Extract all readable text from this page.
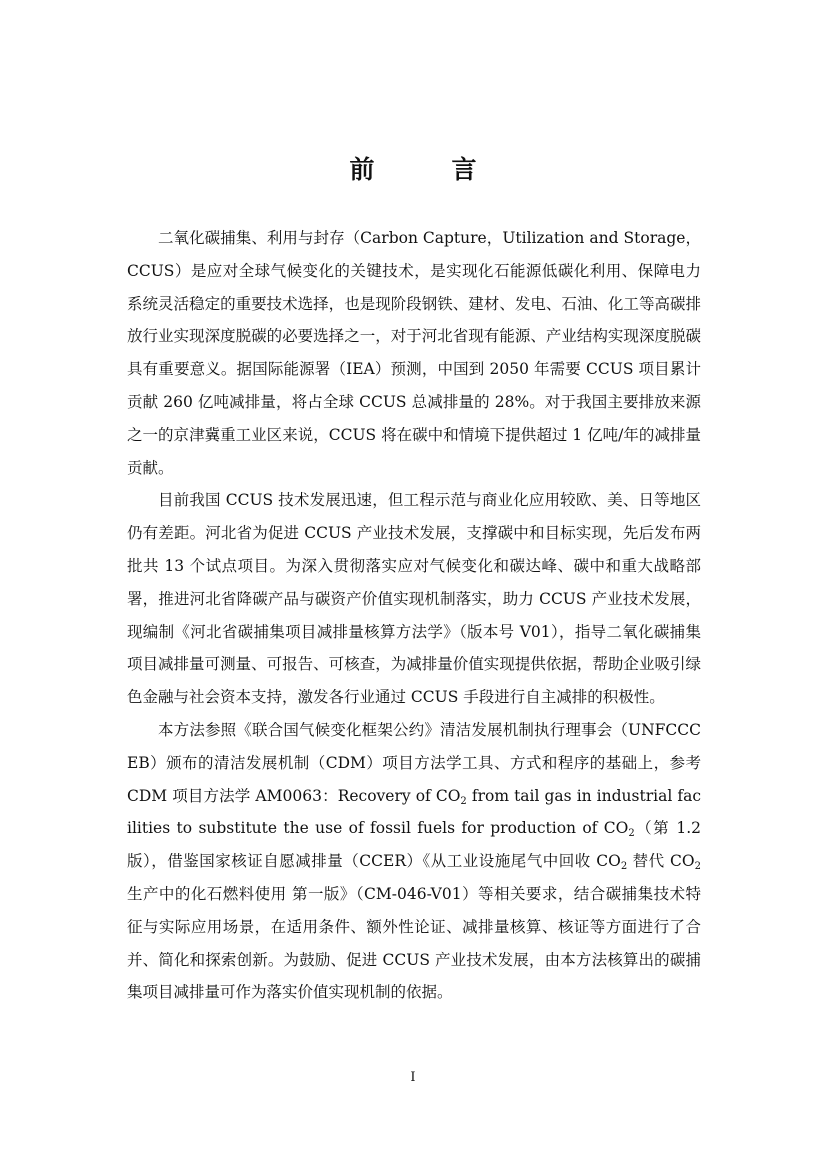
前　言

二氧化碳捕集、利用与封存（Carbon Capture，Utilization and Storage，CCUS）是应对全球气候变化的关键技术，是实现化石能源低碳化利用、保障电力系统灵活稳定的重要技术选择，也是现阶段钢铁、建材、发电、石油、化工等高碳排放行业实现深度脱碳的必要选择之一，对于河北省现有能源、产业结构实现深度脱碳具有重要意义。据国际能源署（IEA）预测，中国到 2050 年需要 CCUS 项目累计贡献 260 亿吨减排量，将占全球 CCUS 总减排量的 28%。对于我国主要排放来源之一的京津冀重工业区来说，CCUS 将在碳中和情境下提供超过 1 亿吨/年的减排量贡献。

目前我国 CCUS 技术发展迅速，但工程示范与商业化应用较欧、美、日等地区仍有差距。河北省为促进 CCUS 产业技术发展，支撑碳中和目标实现，先后发布两批共 13 个试点项目。为深入贯彻落实应对气候变化和碳达峰、碳中和重大战略部署，推进河北省降碳产品与碳资产价值实现机制落实，助力 CCUS 产业技术发展，现编制《河北省碳捕集项目减排量核算方法学》（版本号 V01），指导二氧化碳捕集项目减排量可测量、可报告、可核查，为减排量价值实现提供依据，帮助企业吸引绿色金融与社会资本支持，激发各行业通过 CCUS 手段进行自主减排的积极性。

本方法参照《联合国气候变化框架公约》清洁发展机制执行理事会（UNFCCC EB）颁布的清洁发展机制（CDM）项目方法学工具、方式和程序的基础上，参考 CDM 项目方法学 AM0063：Recovery of $CO_2$ from tail gas in industrial facilities to substitute the use of fossil fuels for production of $CO_2$（第 1.2 版），借鉴国家核证自愿减排量（CCER）《从工业设施尾气中回收 $CO_2$ 替代 $CO_2$ 生产中的化石燃料使用 第一版》（CM-046-V01）等相关要求，结合碳捕集技术特征与实际应用场景，在适用条件、额外性论证、减排量核算、核证等方面进行了合并、简化和探索创新。为鼓励、促进 CCUS 产业技术发展，由本方法核算出的碳捕集项目减排量可作为落实价值实现机制的依据。

I
